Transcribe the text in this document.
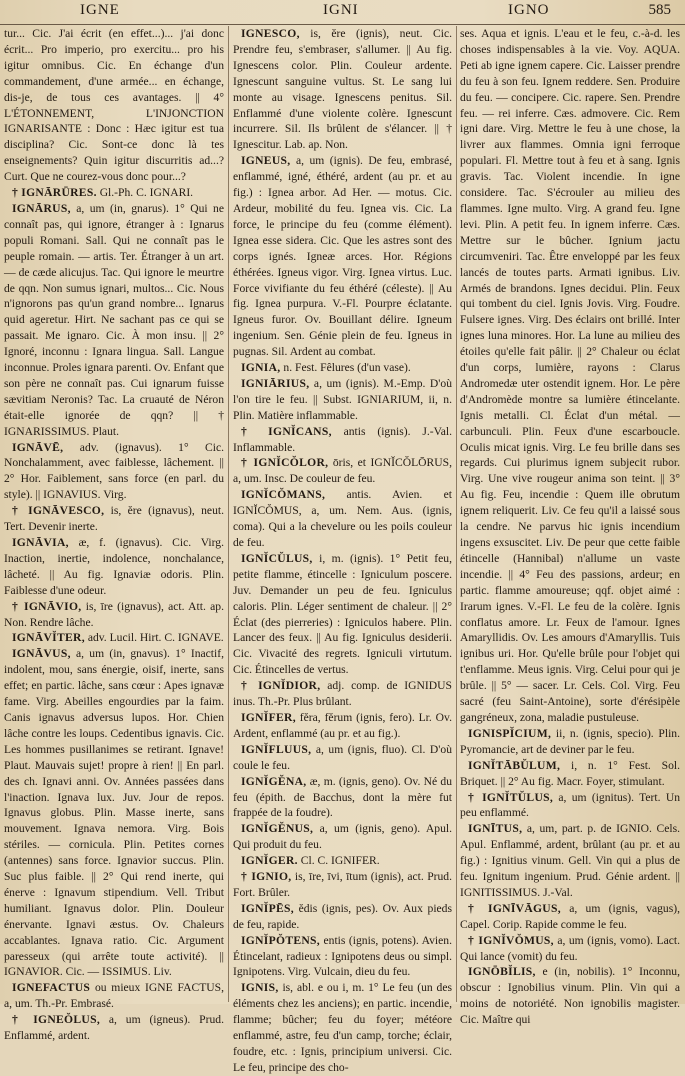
IGNE	IGNI	IGNO	585

tur... Cic. J'ai écrit (en effet...)... j'ai donc écrit... Pro imperio, pro exercitu... pro his igitur omnibus. Cic. En échange d'un commandement, d'une armée... en échange, dis-je, de tous ces avantages. || 4° L'ÉTONNEMENT, L'INJONCTION IGNARISANTE : Donc : Hæc igitur est tua disciplina? Cic. Sont-ce donc là tes enseignements? Quin igitur discurritis ad...? Curt. Que ne courez-vous donc pour...?

† IGNĀRŪRES. Gl.-Ph. C. IGNARI.

IGNĀRUS, a, um (in, gnarus). 1° Qui ne connaît pas, qui ignore, étranger à : Ignarus populi Romani. Sall. Qui ne connaît pas le peuple romain. — artis. Ter. Étranger à un art. — de cæde alicujus. Tac. Qui ignore le meurtre de qqn. Non sumus ignari, multos... Cic. Nous n'ignorons pas qu'un grand nombre... Ignarus quid ageretur. Hirt. Ne sachant pas ce qui se passait. Me ignaro. Cic. À mon insu. || 2° Ignoré, inconnu : Ignara lingua. Sall. Langue inconnue. Proles ignara parenti. Ov. Enfant que son père ne connaît pas. Cui ignarum fuisse sævitiam Neronis? Tac. La cruauté de Néron était-elle ignorée de qqn? || † IGNARISSIMUS. Plaut.

IGNĀVĒ, adv. (ignavus). 1° Cic. Nonchalamment, avec faiblesse, lâchement. || 2° Hor. Faiblement, sans force (en parl. du style). || IGNAVIUS. Virg.

† IGNĀVESCO, is, ĕre (ignavus), neut. Tert. Devenir inerte.

IGNĀVIA, æ, f. (ignavus). Cic. Virg. Inaction, inertie, indolence, nonchalance, lâcheté. || Au fig. Ignaviæ odoris. Plin. Faiblesse d'une odeur.

† IGNĀVIO, is, īre (ignavus), act. Att. ap. Non. Rendre lâche.

IGNĀVĬTER, adv. Lucil. Hirt. C. IGNAVE.

IGNĀVUS, a, um (in, gnavus). 1° Inactif, indolent, mou, sans énergie, oisif, inerte, sans effet; en partic. lâche, sans cœur : Apes ignavæ fame. Virg. Abeilles engourdies par la faim. Canis ignavus adversus lupos. Hor. Chien lâche contre les loups. Cedentibus ignavis. Cic. Les hommes pusillanimes se retirant. Ignave! Plaut. Mauvais sujet! propre à rien! || En parl. des ch. Ignavi anni. Ov. Années passées dans l'inaction. Ignava lux. Juv. Jour de repos. Ignavus globus. Plin. Masse inerte, sans mouvement. Ignava nemora. Virg. Bois stériles. — cornicula. Plin. Petites cornes (antennes) sans force. Ignavior succus. Plin. Suc plus faible. || 2° Qui rend inerte, qui énerve : Ignavum stipendium. Vell. Tribut humiliant. Ignavus dolor. Plin. Douleur énervante. Ignavi æstus. Ov. Chaleurs accablantes. Ignava ratio. Cic. Argument paresseux (qui arrête toute activité). || IGNAVIOR. Cic. — ISSIMUS. Liv.

IGNEFACTUS ou mieux IGNE FACTUS, a, um. Th.-Pr. Embrasé.

† IGNEŎLUS, a, um (igneus). Prud. Enflammé, ardent.

IGNESCO, is, ĕre (ignis), neut. Cic. Prendre feu, s'embraser, s'allumer. || Au fig. Ignescens color. Plin. Couleur ardente. Ignescunt sanguine vultus. St. Le sang lui monte au visage. Ignescens penitus. Sil. Enflammé d'une violente colère. Ignescunt incurrere. Sil. Ils brûlent de s'élancer. || † Ignescitur. Lab. ap. Non.

IGNEUS, a, um (ignis). De feu, embrasé, enflammé, igné, éthéré, ardent (au pr. et au fig.) : Ignea arbor. Ad Her. — motus. Cic. Ardeur, mobilité du feu. Ignea vis. Cic. La force, le principe du feu (comme élément). Ignea esse sidera. Cic. Que les astres sont des corps ignés. Igneæ arces. Hor. Régions éthérées. Igneus vigor. Virg. Ignea virtus. Luc. Force vivifiante du feu éthéré (céleste). || Au fig. Ignea purpura. V.-Fl. Pourpre éclatante. Igneus furor. Ov. Bouillant délire. Igneum ingenium. Sen. Génie plein de feu. Igneus in pugnas. Sil. Ardent au combat.

IGNIA, n. Fest. Fêlures (d'un vase).

IGNIĀRIUS, a, um (ignis). M.-Emp. D'où l'on tire le feu. || Subst. IGNIARIUM, ii, n. Plin. Matière inflammable.

† IGNĬCANS, antis (ignis). J.-Val. Inflammable.

† IGNĬCŎLOR, ōris, et IGNĬCŎLŌRUS, a, um. Insc. De couleur de feu.

IGNĬCŎMANS, antis. Avien. et IGNĬCŎMUS, a, um. Nem. Aus. (ignis, coma). Qui a la chevelure ou les poils couleur de feu.

IGNĬCŬLUS, i, m. (ignis). 1° Petit feu, petite flamme, étincelle : Igniculum poscere. Juv. Demander un peu de feu. Igniculus caloris. Plin. Léger sentiment de chaleur. || 2° Éclat (des pierreries) : Igniculos habere. Plin. Lancer des feux. || Au fig. Igniculus desiderii. Cic. Vivacité des regrets. Igniculi virtutum. Cic. Étincelles de vertus.

† IGNĬDIOR, adj. comp. de IGNIDUS inus. Th.-Pr. Plus brûlant.

IGNĬFER, fĕra, fĕrum (ignis, fero). Lr. Ov. Ardent, enflammé (au pr. et au fig.).

IGNĬFLUUS, a, um (ignis, fluo). Cl. D'où coule le feu.

IGNĬGĔNA, æ, m. (ignis, geno). Ov. Né du feu (épith. de Bacchus, dont la mère fut frappée de la foudre).

IGNĬGĔNUS, a, um (ignis, geno). Apul. Qui produit du feu.

IGNĬGER. Cl. C. IGNIFER.

† IGNIO, is, īre, īvi, ītum (ignis), act. Prud. Fort. Brûler.

IGNĬPĒS, ĕdis (ignis, pes). Ov. Aux pieds de feu, rapide.

IGNĬPŎTENS, entis (ignis, potens). Avien. Étincelant, radieux : Ignipotens deus ou simpl. Ignipotens. Virg. Vulcain, dieu du feu.

IGNIS, is, abl. e ou i, m. 1° Le feu (un des éléments chez les anciens); en partic. incendie, flamme; bûcher; feu du foyer; météore enflammé, astre, feu d'un camp, torche; éclair, foudre, etc. : Ignis, principium universi. Cic. Le feu, principe des cho-

ses. Aqua et ignis. L'eau et le feu, c.-à-d. les choses indispensables à la vie. Voy. AQUA. Peti ab igne ignem capere. Cic. Laisser prendre du feu à son feu. Ignem reddere. Sen. Produire du feu. — concipere. Cic. rapere. Sen. Prendre feu. — rei inferre. Cæs. admovere. Cic. Rem igni dare. Virg. Mettre le feu à une chose, la livrer aux flammes. Omnia igni ferroque populari. Fl. Mettre tout à feu et à sang. Ignis gravis. Tac. Violent incendie. In igne considere. Tac. S'écrouler au milieu des flammes. Igne multo. Virg. A grand feu. Igne levi. Plin. A petit feu. In ignem inferre. Cæs. Mettre sur le bûcher. Ignium jactu circumveniri. Tac. Être enveloppé par les feux lancés de toutes parts. Armati ignibus. Liv. Armés de brandons. Ignes decidui. Plin. Feux qui tombent du ciel. Ignis Jovis. Virg. Foudre. Fulsere ignes. Virg. Des éclairs ont brillé. Inter ignes luna minores. Hor. La lune au milieu des étoiles qu'elle fait pâlir. || 2° Chaleur ou éclat d'un corps, lumière, rayons : Clarus Andromedæ uter ostendit ignem. Hor. Le père d'Andromède montre sa lumière étincelante. Ignis metalli. Cl. Éclat d'un métal. — carbunculi. Plin. Feux d'une escarboucle. Oculis micat ignis. Virg. Le feu brille dans ses regards. Cui plurimus ignem subjecit rubor. Virg. Une vive rougeur anima son teint. || 3° Au fig. Feu, incendie : Quem ille obrutum ignem reliquerit. Liv. Ce feu qu'il a laissé sous la cendre. Ne parvus hic ignis incendium ingens exsuscitet. Liv. De peur que cette faible étincelle (Hannibal) n'allume un vaste incendie. || 4° Feu des passions, ardeur; en partic. flamme amoureuse; qqf. objet aimé : Irarum ignes. V.-Fl. Le feu de la colère. Ignis conflatus amore. Lr. Feux de l'amour. Ignes Amaryllidis. Ov. Les amours d'Amaryllis. Tuis ignibus uri. Hor. Qu'elle brûle pour l'objet qui t'enflamme. Meus ignis. Virg. Celui pour qui je brûle. || 5° — sacer. Lr. Cels. Col. Virg. Feu sacré (feu Saint-Antoine), sorte d'érésipèle gangréneux, zona, maladie pustuleuse.

IGNISPĬCIUM, ii, n. (ignis, specio). Plin. Pyromancie, art de deviner par le feu.

IGNĬTĀBŬLUM, i, n. 1° Fest. Sol. Briquet. || 2° Au fig. Macr. Foyer, stimulant.

† IGNĬTŬLUS, a, um (ignitus). Tert. Un peu enflammé.

IGNĪTUS, a, um, part. p. de IGNIO. Cels. Apul. Enflammé, ardent, brûlant (au pr. et au fig.) : Ignitius vinum. Gell. Vin qui a plus de feu. Ignitum ingenium. Prud. Génie ardent. || IGNITISSIMUS. J.-Val.

† IGNĪVĀGUS, a, um (ignis, vagus), Capel. Corip. Rapide comme le feu.

† IGNĬVŎMUS, a, um (ignis, vomo). Lact. Qui lance (vomit) du feu.

IGNŌBĬLIS, e (in, nobilis). 1° Inconnu, obscur : Ignobilius vinum. Plin. Vin qui a moins de notoriété. Non ignobilis magister. Cic. Maître qui
